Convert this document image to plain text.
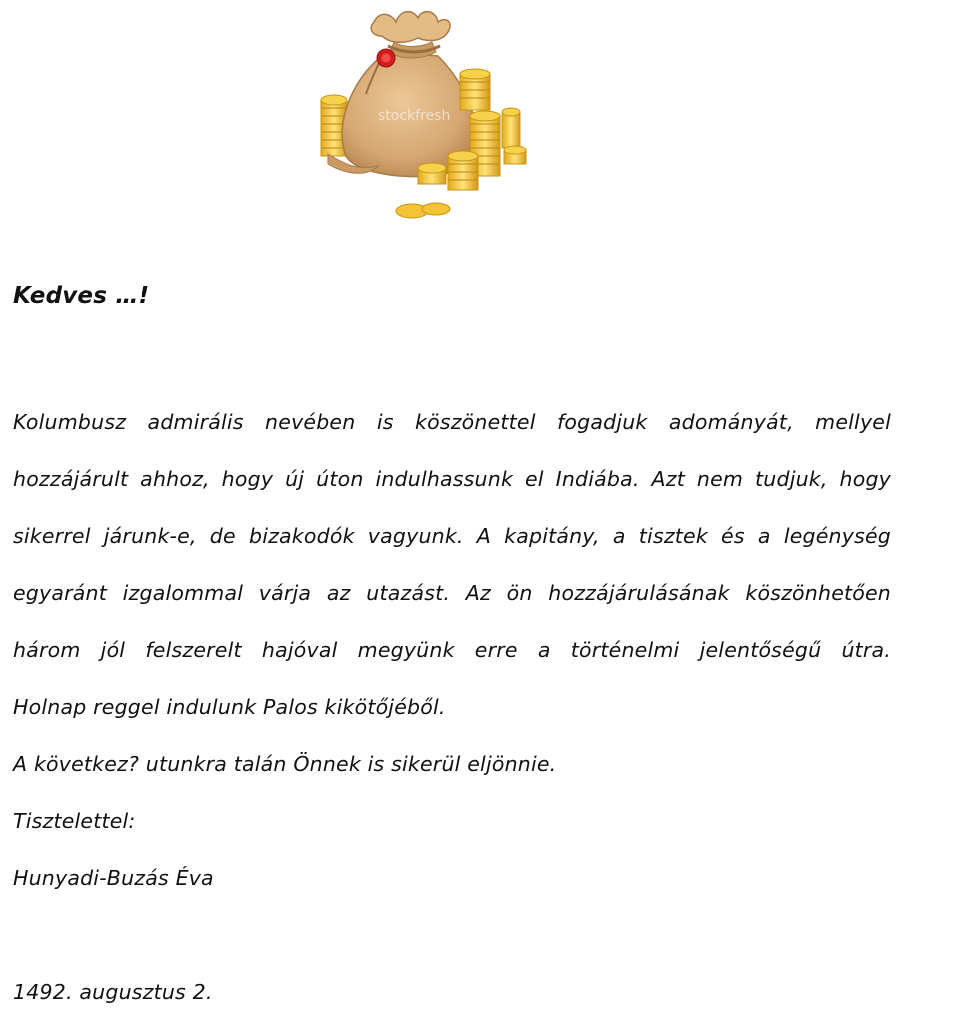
stockfresh
Kedves …!
Kolumbusz admirális nevében is köszönettel fogadjuk adományát, mellyel
hozzájárult ahhoz, hogy új úton indulhassunk el Indiába. Azt nem tudjuk, hogy
sikerrel járunk-e, de bizakodók vagyunk. A kapitány, a tisztek és a legénység
egyaránt izgalommal várja az utazást. Az ön hozzájárulásának köszönhetően
három jól felszerelt hajóval megyünk erre a történelmi jelentőségű útra.
Holnap reggel indulunk Palos kikötőjéből.
A következ? utunkra talán Önnek is sikerül eljönnie.
Tisztelettel:
Hunyadi-Buzás Éva
1492. augusztus 2.
